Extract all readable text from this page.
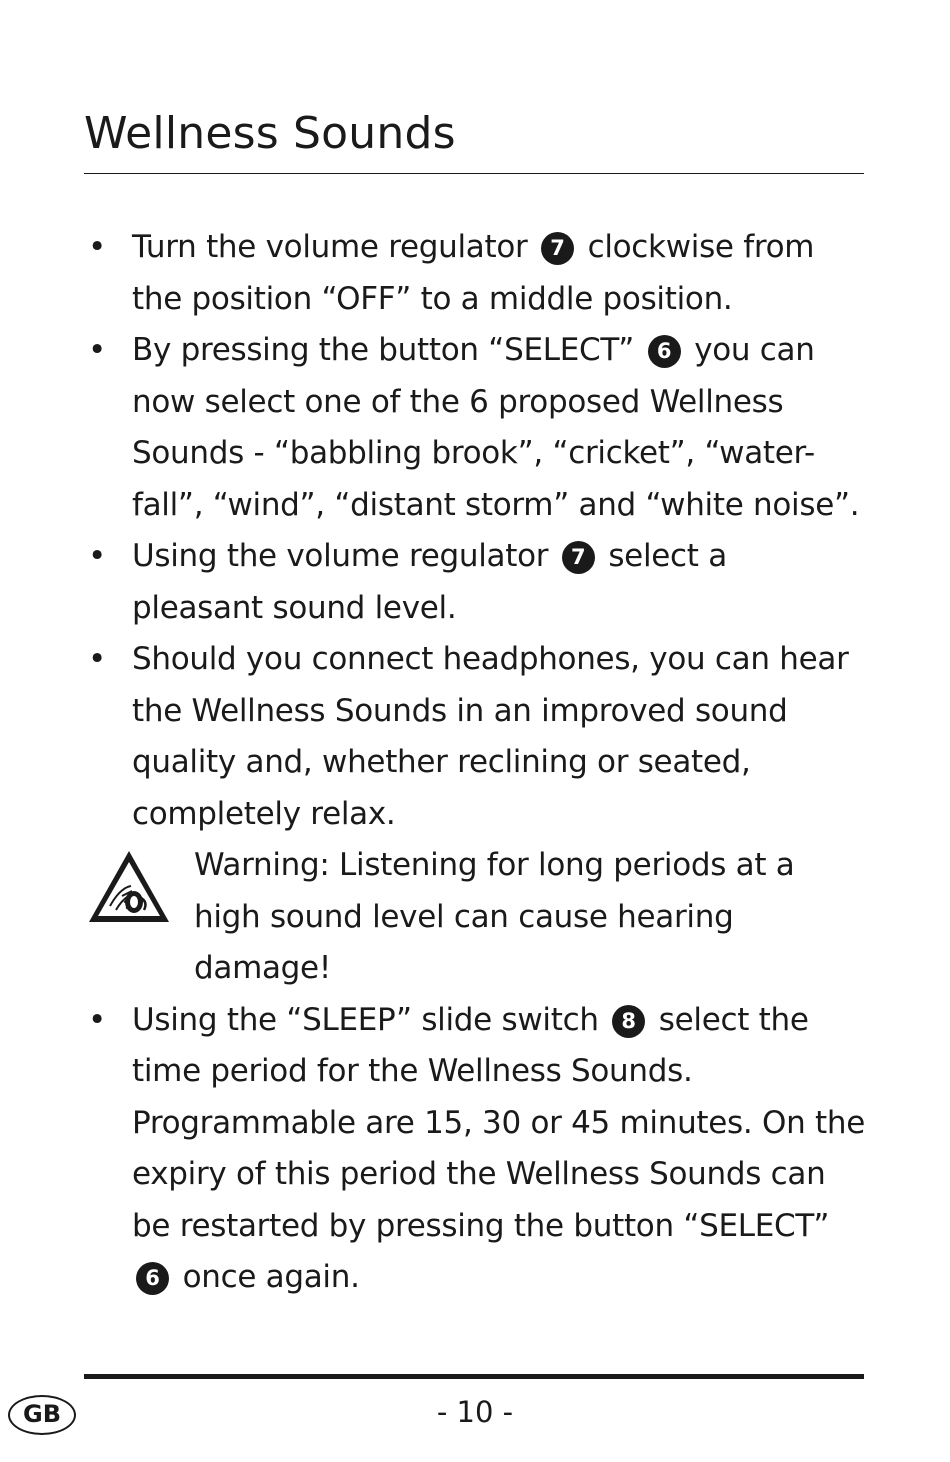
Wellness Sounds
• Turn the volume regulator 7 clockwise from the position “OFF” to a middle position.
• By pressing the button “SELECT” 6 you can now select one of the 6 proposed Wellness Sounds - “babbling brook”, “cricket”, “water-fall”, “wind”, “distant storm” and “white noise”.
• Using the volume regulator 7 select a pleasant sound level.
• Should you connect headphones, you can hear the Wellness Sounds in an improved sound quality and, whether reclining or seated, completely relax.
Warning: Listening for long periods at a high sound level can cause hearing damage!
• Using the “SLEEP” slide switch 8 select the time period for the Wellness Sounds. Programmable are 15, 30 or 45 minutes. On the expiry of this period the Wellness Sounds can be restarted by pressing the button “SELECT” 6 once again.
GB	- 10 -
